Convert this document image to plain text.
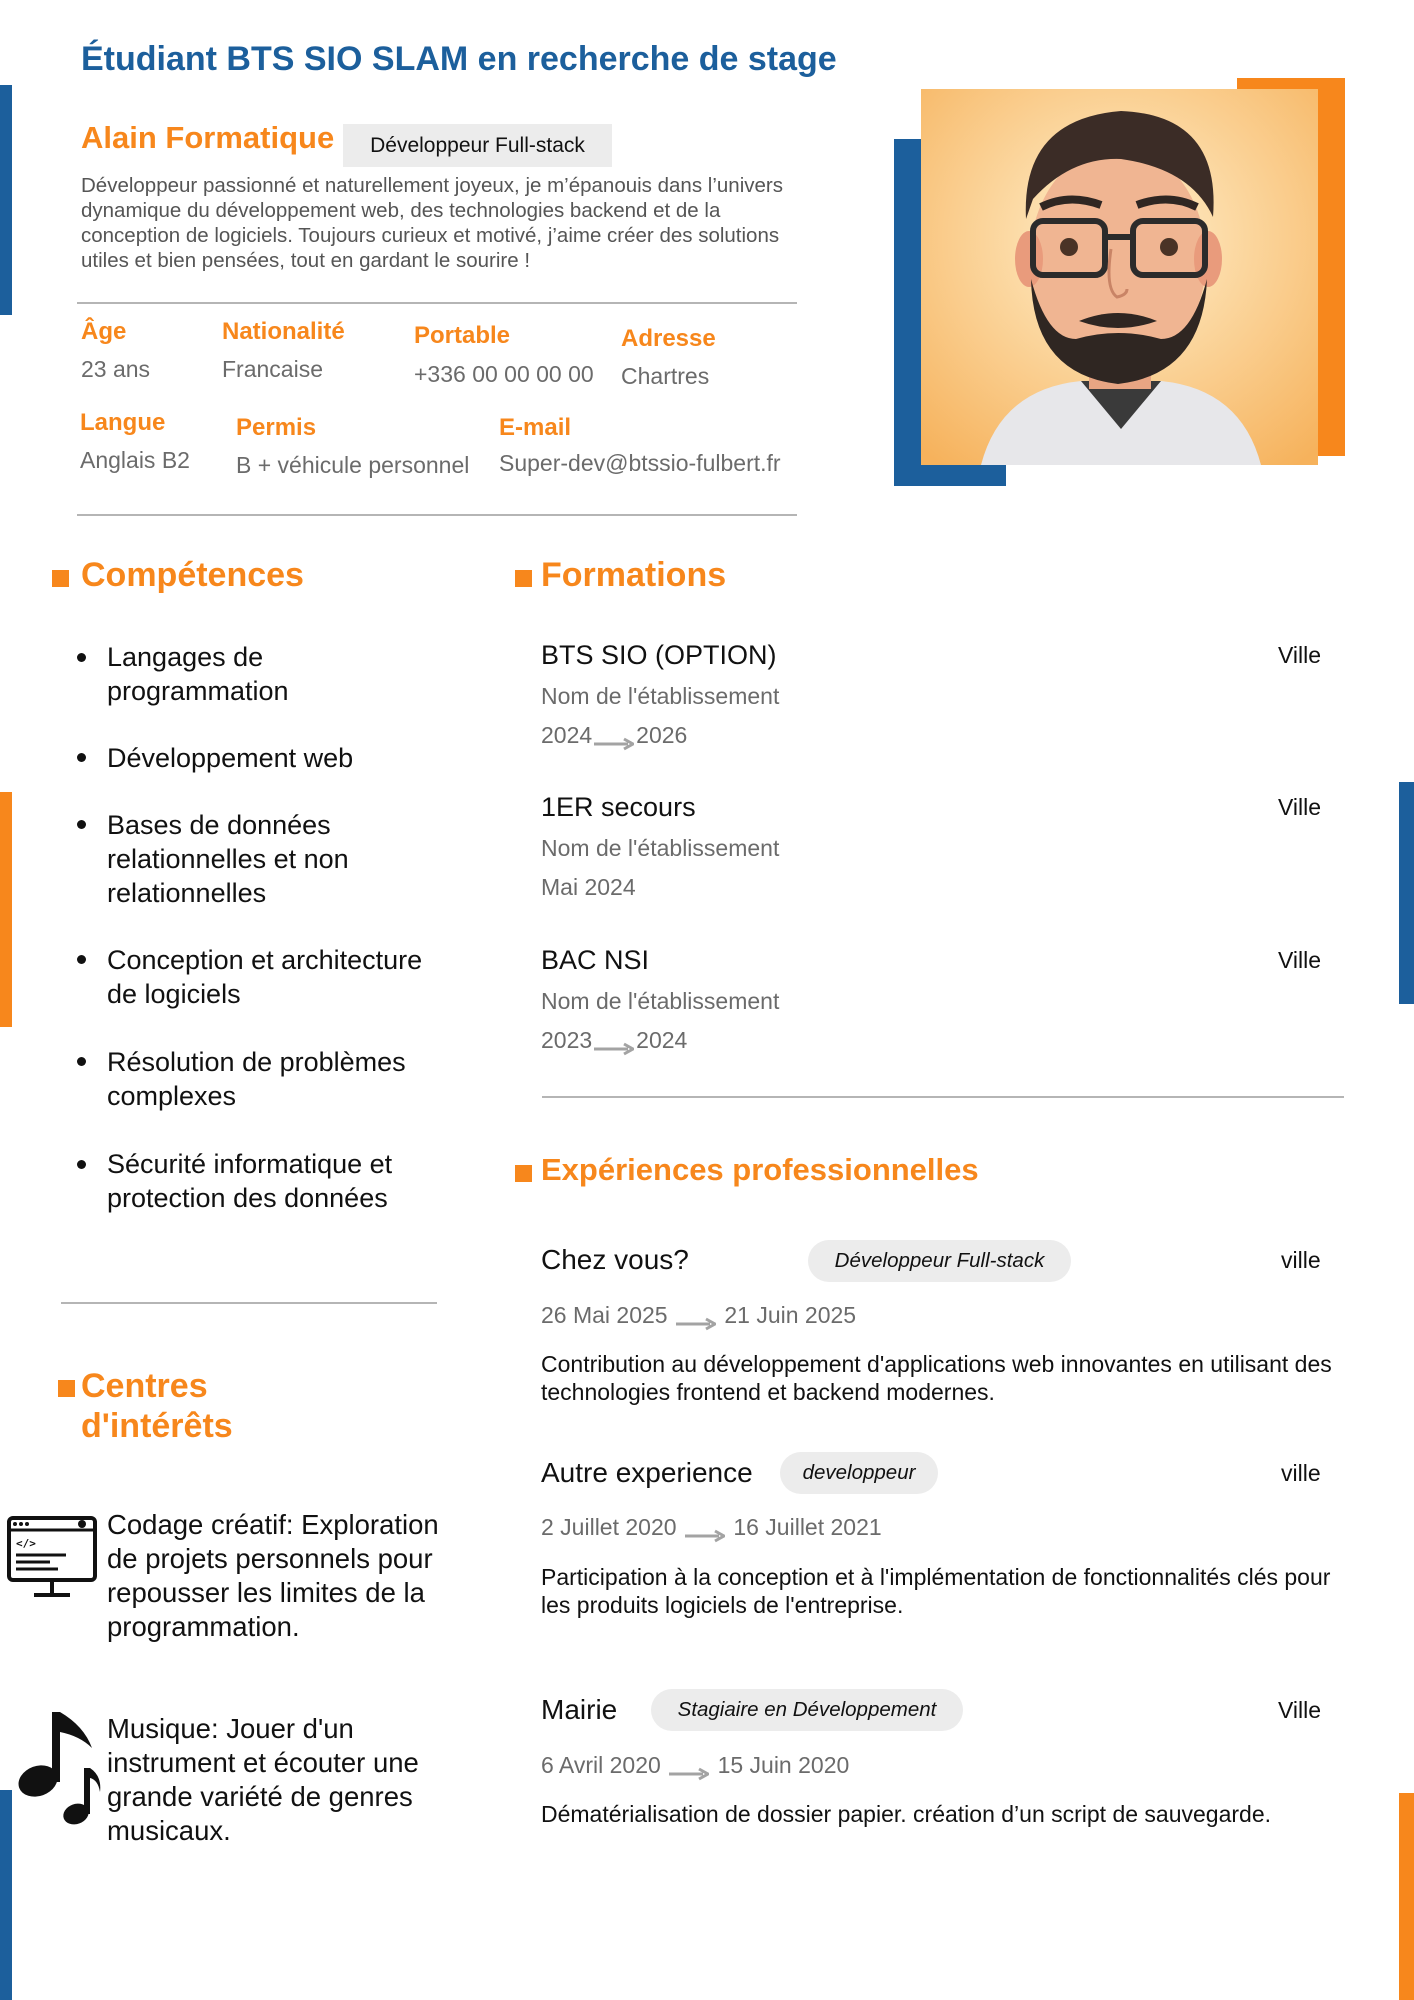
Étudiant BTS SIO SLAM en recherche de stage
Alain Formatique	Développeur Full-stack
Développeur passionné et naturellement joyeux, je m’épanouis dans l’univers dynamique du développement web, des technologies backend et de la conception de logiciels. Toujours curieux et motivé, j’aime créer des solutions utiles et bien pensées, tout en gardant le sourire !
Âge
23 ans
Nationalité
Francaise
Portable
+336 00 00 00 00
Adresse
Chartres
Langue
Anglais B2
Permis
B + véhicule personnel
E-mail
Super-dev@btssio-fulbert.fr
Compétences
Langages de programmation
Développement web
Bases de données relationnelles et non relationnelles
Conception et architecture de logiciels
Résolution de problèmes complexes
Sécurité informatique et protection des données
Centres d'intérêts
</>
Codage créatif: Exploration de projets personnels pour repousser les limites de la programmation.
Musique: Jouer d'un instrument et écouter une grande variété de genres musicaux.
Formations
BTS SIO (OPTION)	Ville
Nom de l'établissement
2024 2026
1ER secours	Ville
Nom de l'établissement
Mai 2024
BAC NSI	Ville
Nom de l'établissement
2023 2024
Expériences professionnelles
Chez vous?	Développeur Full-stack	ville
26 Mai 2025 21 Juin 2025
Contribution au développement d'applications web innovantes en utilisant des technologies frontend et backend modernes.
Autre experience	developpeur	ville
2 Juillet 2020 16 Juillet 2021
Participation à la conception et à l'implémentation de fonctionnalités clés pour les produits logiciels de l'entreprise.
Mairie	Stagiaire en Développement	Ville
6 Avril 2020 15 Juin 2020
Dématérialisation de dossier papier. création d’un script de sauvegarde.
